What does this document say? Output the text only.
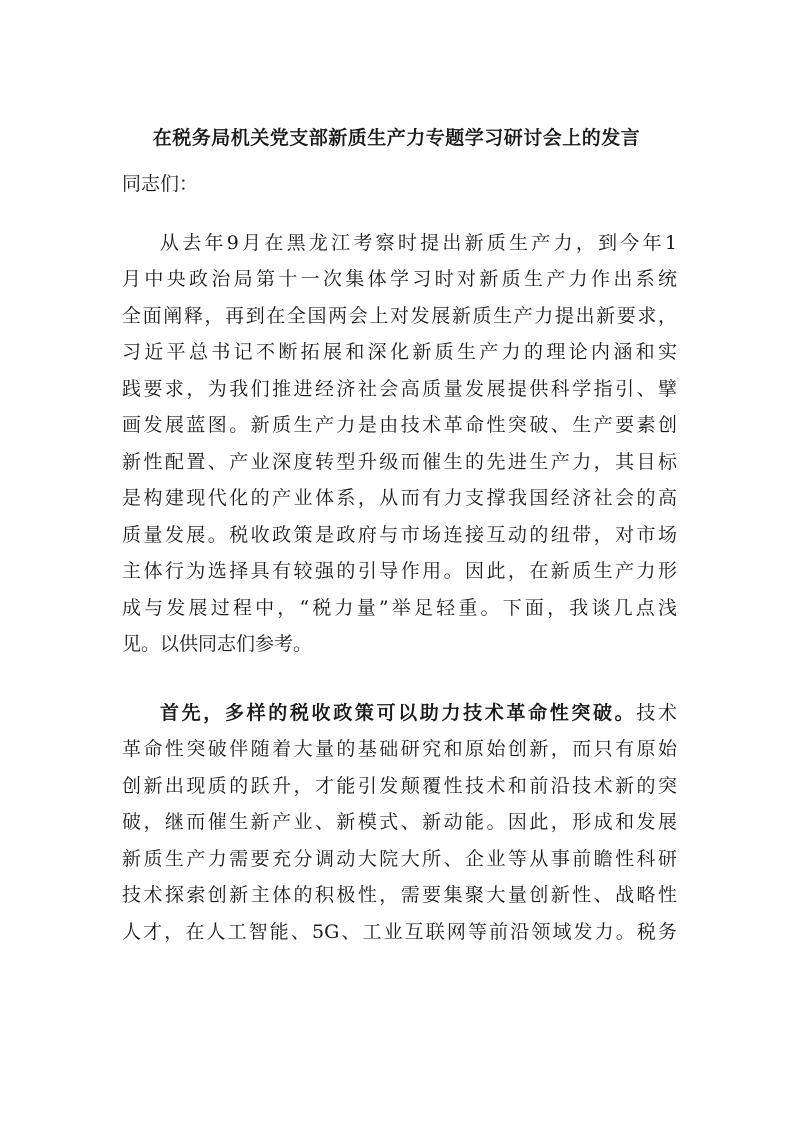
在税务局机关党支部新质生产力专题学习研讨会上的发言
同志们：
从去年9月在黑龙江考察时提出新质生产力，到今年1
月中央政治局第十一次集体学习时对新质生产力作出系统
全面阐释，再到在全国两会上对发展新质生产力提出新要求，
习近平总书记不断拓展和深化新质生产力的理论内涵和实
践要求，为我们推进经济社会高质量发展提供科学指引、擘
画发展蓝图。新质生产力是由技术革命性突破、生产要素创
新性配置、产业深度转型升级而催生的先进生产力，其目标
是构建现代化的产业体系，从而有力支撑我国经济社会的高
质量发展。税收政策是政府与市场连接互动的纽带，对市场
主体行为选择具有较强的引导作用。因此，在新质生产力形
成与发展过程中，“税力量”举足轻重。下面，我谈几点浅
见。以供同志们参考。
首先，多样的税收政策可以助力技术革命性突破。技术
革命性突破伴随着大量的基础研究和原始创新，而只有原始
创新出现质的跃升，才能引发颠覆性技术和前沿技术新的突
破，继而催生新产业、新模式、新动能。因此，形成和发展
新质生产力需要充分调动大院大所、企业等从事前瞻性科研
技术探索创新主体的积极性，需要集聚大量创新性、战略性
人才，在人工智能、5G、工业互联网等前沿领域发力。税务
